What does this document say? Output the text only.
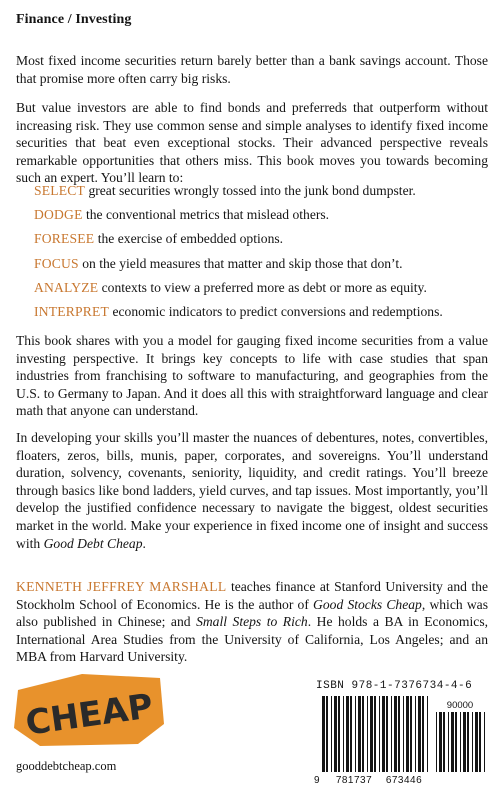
Finance / Investing

Most fixed income securities return barely better than a bank savings account. Those that promise more often carry big risks.

But value investors are able to find bonds and preferreds that outperform without increasing risk. They use common sense and simple analyses to identify fixed income securities that beat even exceptional stocks. Their advanced perspective reveals remarkable opportunities that others miss. This book moves you towards becoming such an expert. You’ll learn to:

SELECT great securities wrongly tossed into the junk bond dumpster.
DODGE the conventional metrics that mislead others.
FORESEE the exercise of embedded options.
FOCUS on the yield measures that matter and skip those that don’t.
ANALYZE contexts to view a preferred more as debt or more as equity.
INTERPRET economic indicators to predict conversions and redemptions.

This book shares with you a model for gauging fixed income securities from a value investing perspective. It brings key concepts to life with case studies that span industries from franchising to software to manufacturing, and geographies from the U.S. to Germany to Japan. And it does all this with straightforward language and clear math that anyone can understand.

In developing your skills you’ll master the nuances of debentures, notes, convertibles, floaters, zeros, bills, munis, paper, corporates, and sovereigns. You’ll understand duration, solvency, covenants, seniority, liquidity, and credit ratings. You’ll breeze through basics like bond ladders, yield curves, and tap issues. Most importantly, you’ll develop the justified confidence necessary to navigate the biggest, oldest securities market in the world. Make your experience in fixed income one of insight and success with Good Debt Cheap.

KENNETH JEFFREY MARSHALL teaches finance at Stanford University and the Stockholm School of Economics. He is the author of Good Stocks Cheap, which was also published in Chinese; and Small Steps to Rich. He holds a BA in Economics, International Area Studies from the University of California, Los Angeles; and an MBA from Harvard University.

CHEAP
gooddebtcheap.com
ISBN 978-1-7376734-4-6
90000
9 781737 673446
